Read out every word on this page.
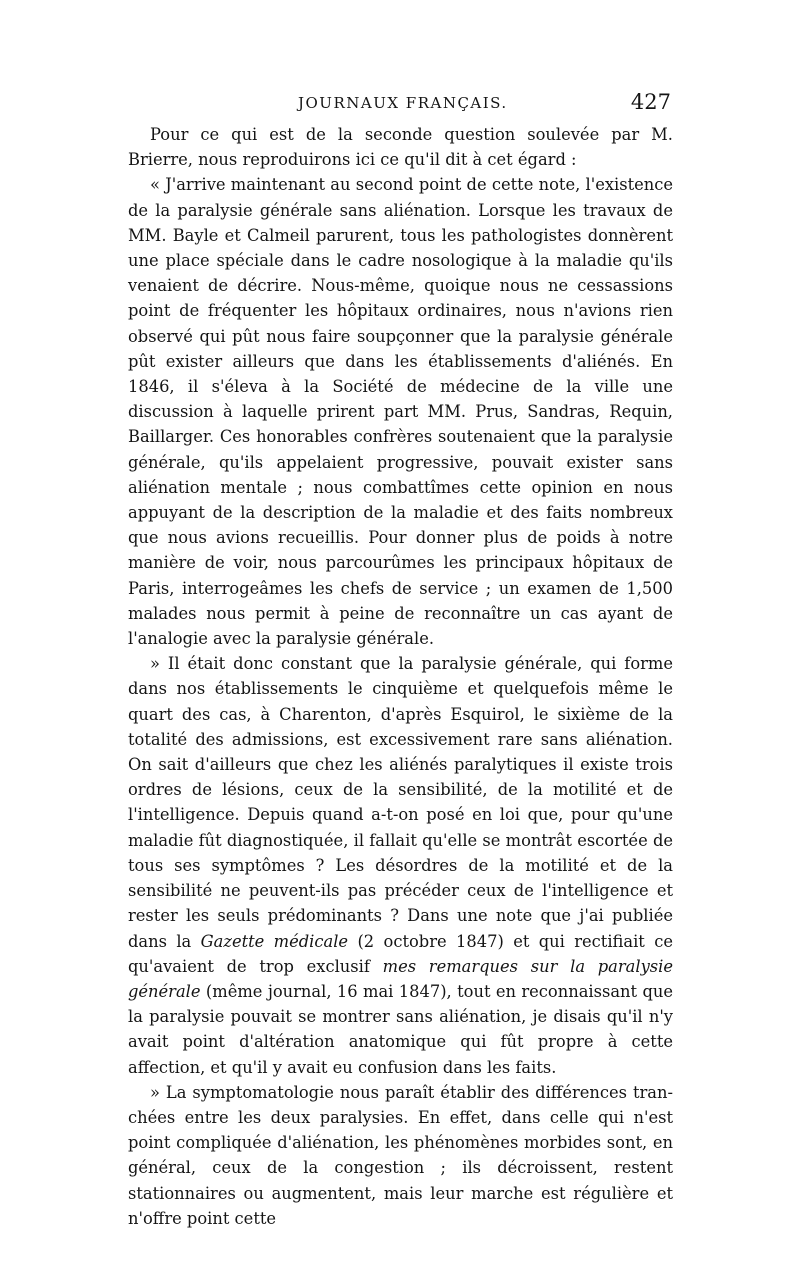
JOURNAUX FRANÇAIS.	427

Pour ce qui est de la seconde question soulevée par M. Brierre, nous reproduirons ici ce qu'il dit à cet égard :

« J'arrive maintenant au second point de cette note, l'existence de la paralysie générale sans aliénation. Lorsque les travaux de MM. Bayle et Calmeil parurent, tous les pathologistes donnèrent une place spéciale dans le cadre nosologique à la maladie qu'ils venaient de décrire. Nous-même, quoique nous ne cessassions point de fréquenter les hôpitaux ordinaires, nous n'avions rien observé qui pût nous faire soupçonner que la paralysie générale pût exister ailleurs que dans les établissements d'aliénés. En 1846, il s'éleva à la Société de médecine de la ville une discussion à laquelle prirent part MM. Prus, Sandras, Requin, Baillarger. Ces honorables confrères soutenaient que la paralysie générale, qu'ils appelaient progressive, pouvait exister sans aliénation mentale ; nous combattîmes cette opinion en nous appuyant de la description de la maladie et des faits nombreux que nous avions recueillis. Pour donner plus de poids à notre manière de voir, nous parcourûmes les principaux hôpitaux de Paris, interrogeâmes les chefs de service ; un examen de 1,500 malades nous permit à peine de reconnaître un cas ayant de l'analogie avec la paralysie générale.

» Il était donc constant que la paralysie générale, qui forme dans nos établissements le cinquième et quelquefois même le quart des cas, à Charenton, d'après Esquirol, le sixième de la totalité des admissions, est excessivement rare sans aliénation. On sait d'ailleurs que chez les aliénés paralytiques il existe trois ordres de lésions, ceux de la sensibilité, de la motilité et de l'intelligence. Depuis quand a-t-on posé en loi que, pour qu'une maladie fût diagnostiquée, il fallait qu'elle se montrât escortée de tous ses symptômes ? Les désordres de la motilité et de la sensibilité ne peuvent-ils pas précéder ceux de l'intelligence et rester les seuls prédominants ? Dans une note que j'ai publiée dans la Gazette médicale (2 octobre 1847) et qui rectifiait ce qu'avaient de trop exclusif mes remarques sur la paralysie générale (même journal, 16 mai 1847), tout en reconnaissant que la paralysie pouvait se montrer sans aliénation, je disais qu'il n'y avait point d'altération anatomique qui fût propre à cette affection, et qu'il y avait eu confusion dans les faits.

» La symptomatologie nous paraît établir des différences tranchées entre les deux paralysies. En effet, dans celle qui n'est point compliquée d'aliénation, les phénomènes morbides sont, en général, ceux de la congestion ; ils décroissent, restent stationnaires ou augmentent, mais leur marche est régulière et n'offre point cette
